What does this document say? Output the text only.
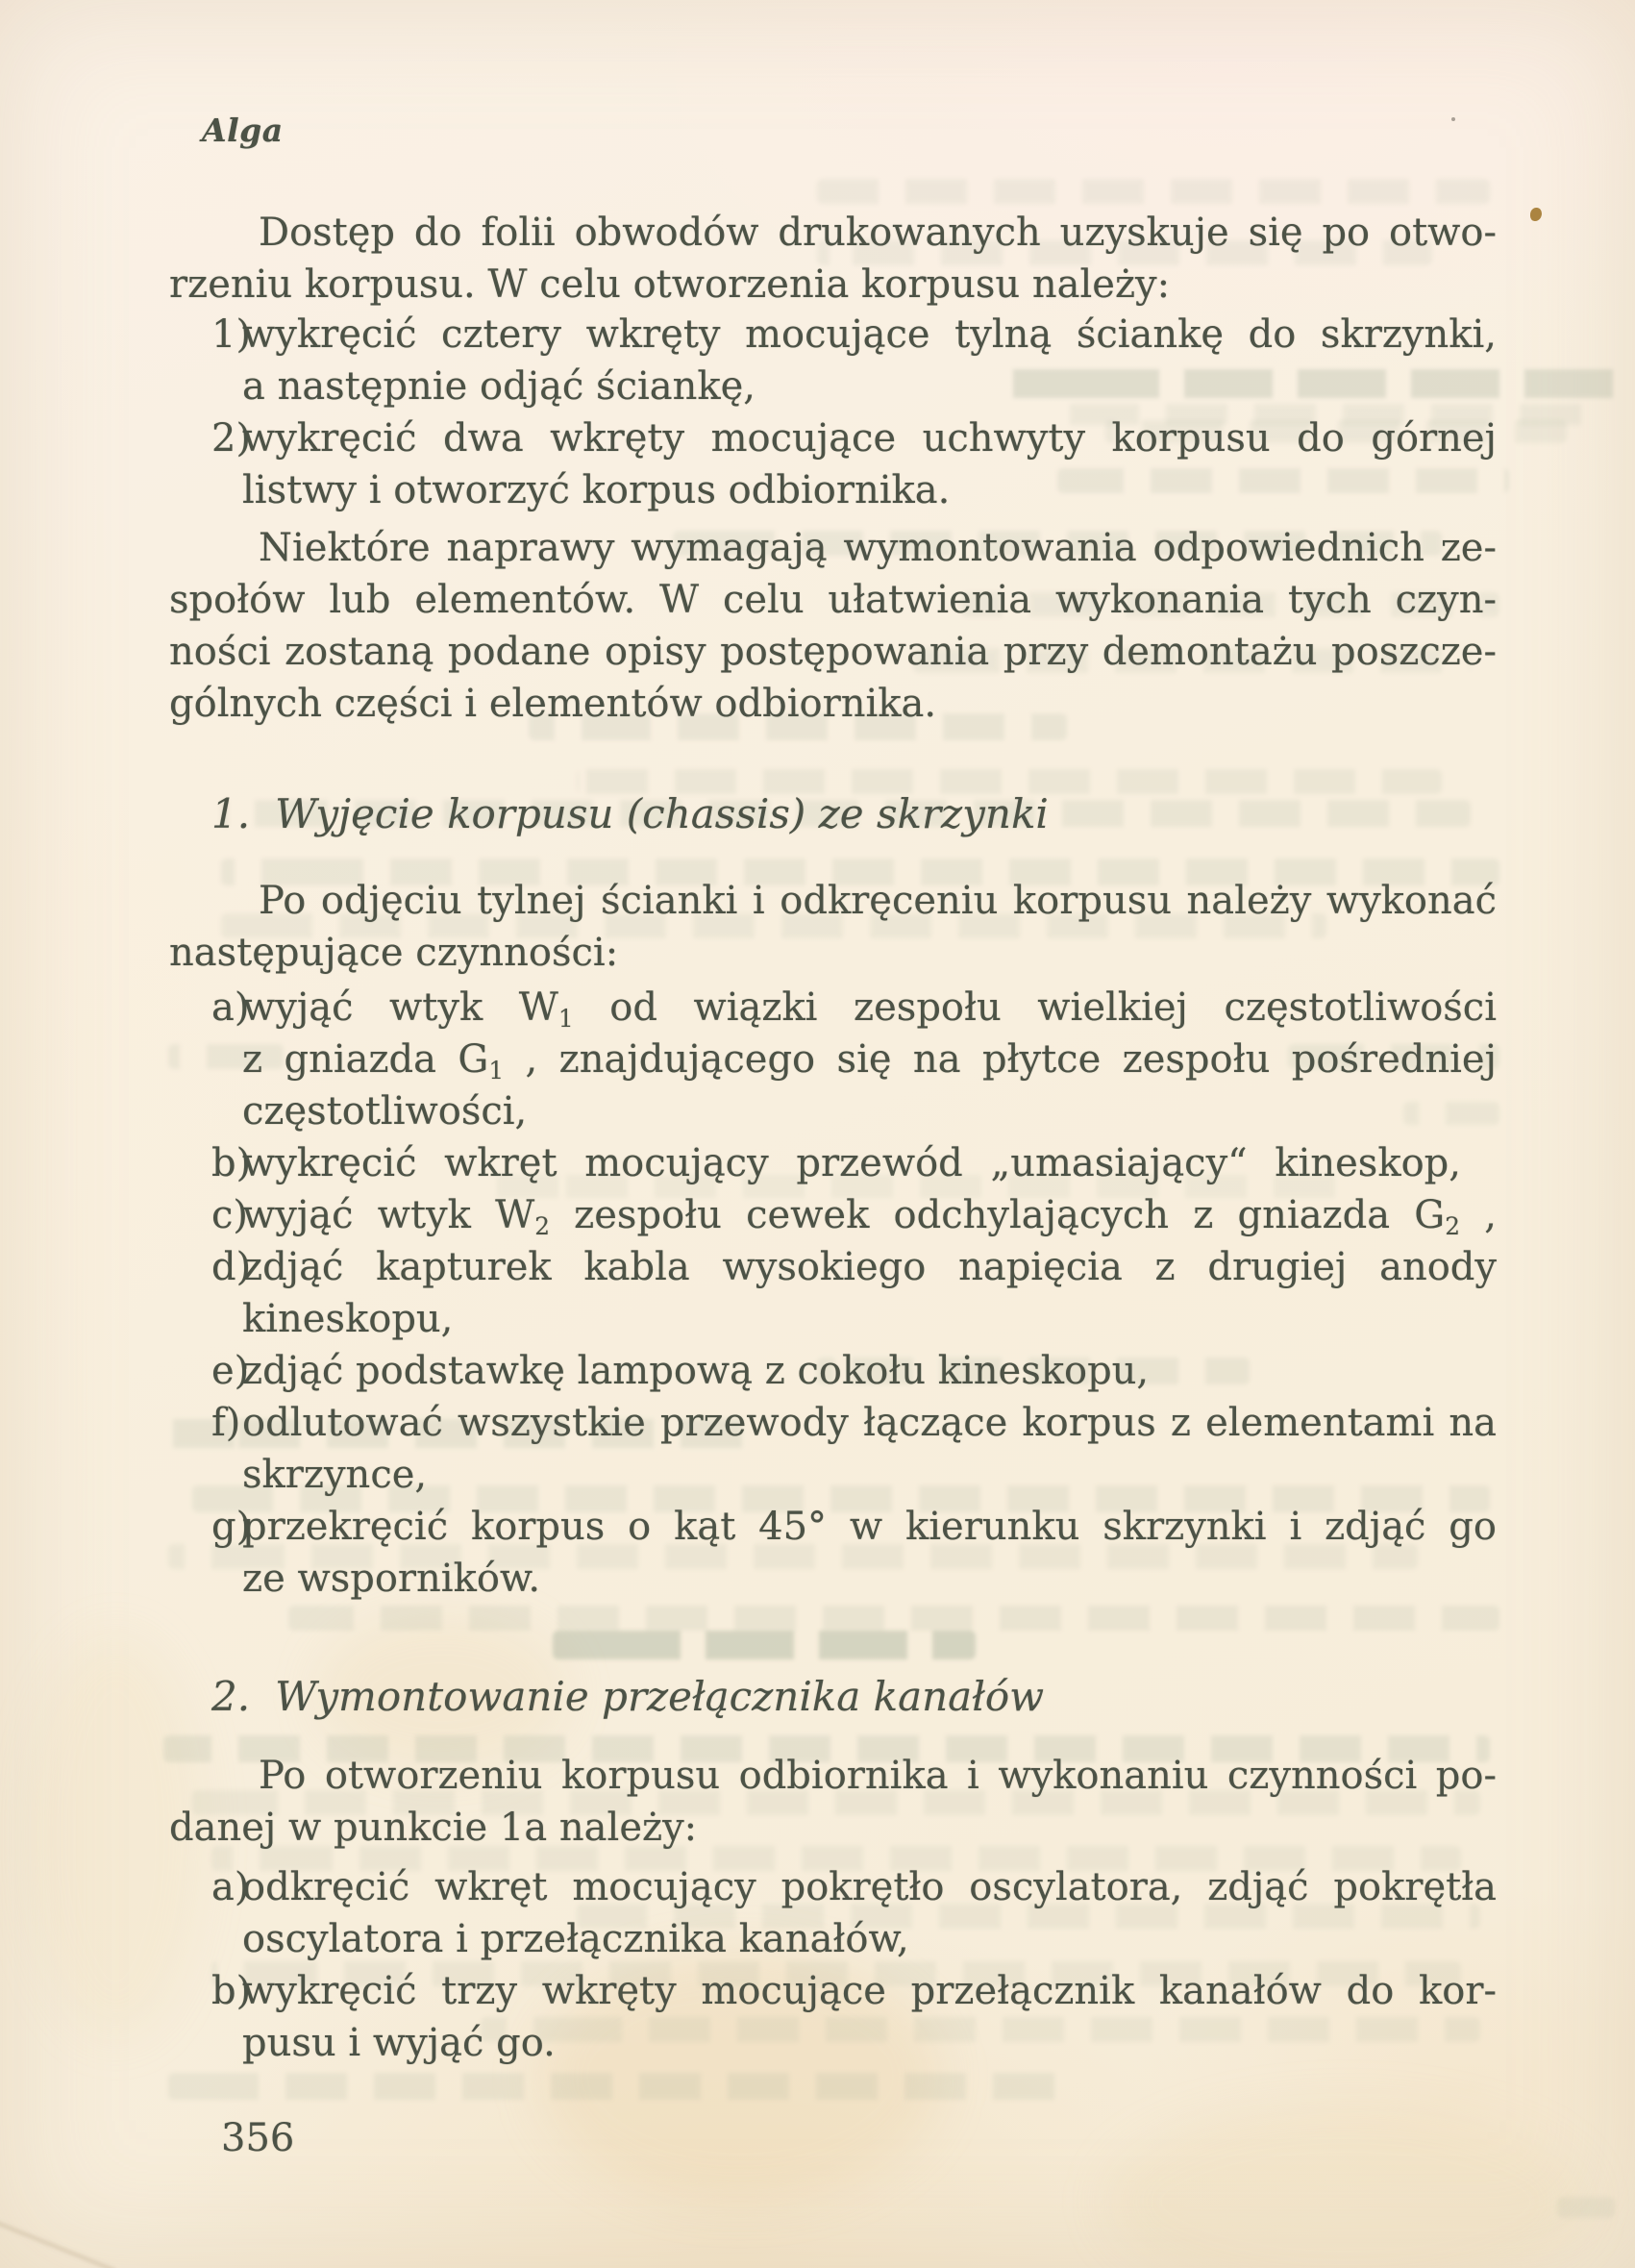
Alga
Dostęp do folii obwodów drukowanych uzyskuje się po otwo-
rzeniu korpusu. W celu otworzenia korpusu należy:
1)
wykręcić cztery wkręty mocujące tylną ściankę do skrzynki,
a następnie odjąć ściankę,
2)
wykręcić dwa wkręty mocujące uchwyty korpusu do górnej
listwy i otworzyć korpus odbiornika.
Niektóre naprawy wymagają wymontowania odpowiednich ze-
społów lub elementów. W celu ułatwienia wykonania tych czyn-
ności zostaną podane opisy postępowania przy demontażu poszcze-
gólnych części i elementów odbiornika.
1. Wyjęcie korpusu (chassis) ze skrzynki
Po odjęciu tylnej ścianki i odkręceniu korpusu należy wykonać
następujące czynności:
a)
wyjąć wtyk $W_1$ od wiązki zespołu wielkiej częstotliwości
z gniazda $G_1$ , znajdującego się na płytce zespołu pośredniej
częstotliwości,
b)
wykręcić wkręt mocujący przewód „umasiający“ kineskop,
c)
wyjąć wtyk $W_2$ zespołu cewek odchylających z gniazda $G_2$ ,
d)
zdjąć kapturek kabla wysokiego napięcia z drugiej anody
kineskopu,
e)
zdjąć podstawkę lampową z cokołu kineskopu,
f) odlutować wszystkie przewody łączące korpus z elementami na
skrzynce,
g)
przekręcić korpus o kąt 45° w kierunku skrzynki i zdjąć go
ze wsporników.
2. Wymontowanie przełącznika kanałów
Po otworzeniu korpusu odbiornika i wykonaniu czynności po-
danej w punkcie 1a należy:
a)
odkręcić wkręt mocujący pokrętło oscylatora, zdjąć pokrętła
oscylatora i przełącznika kanałów,
b)
wykręcić trzy wkręty mocujące przełącznik kanałów do kor-
pusu i wyjąć go.
356
